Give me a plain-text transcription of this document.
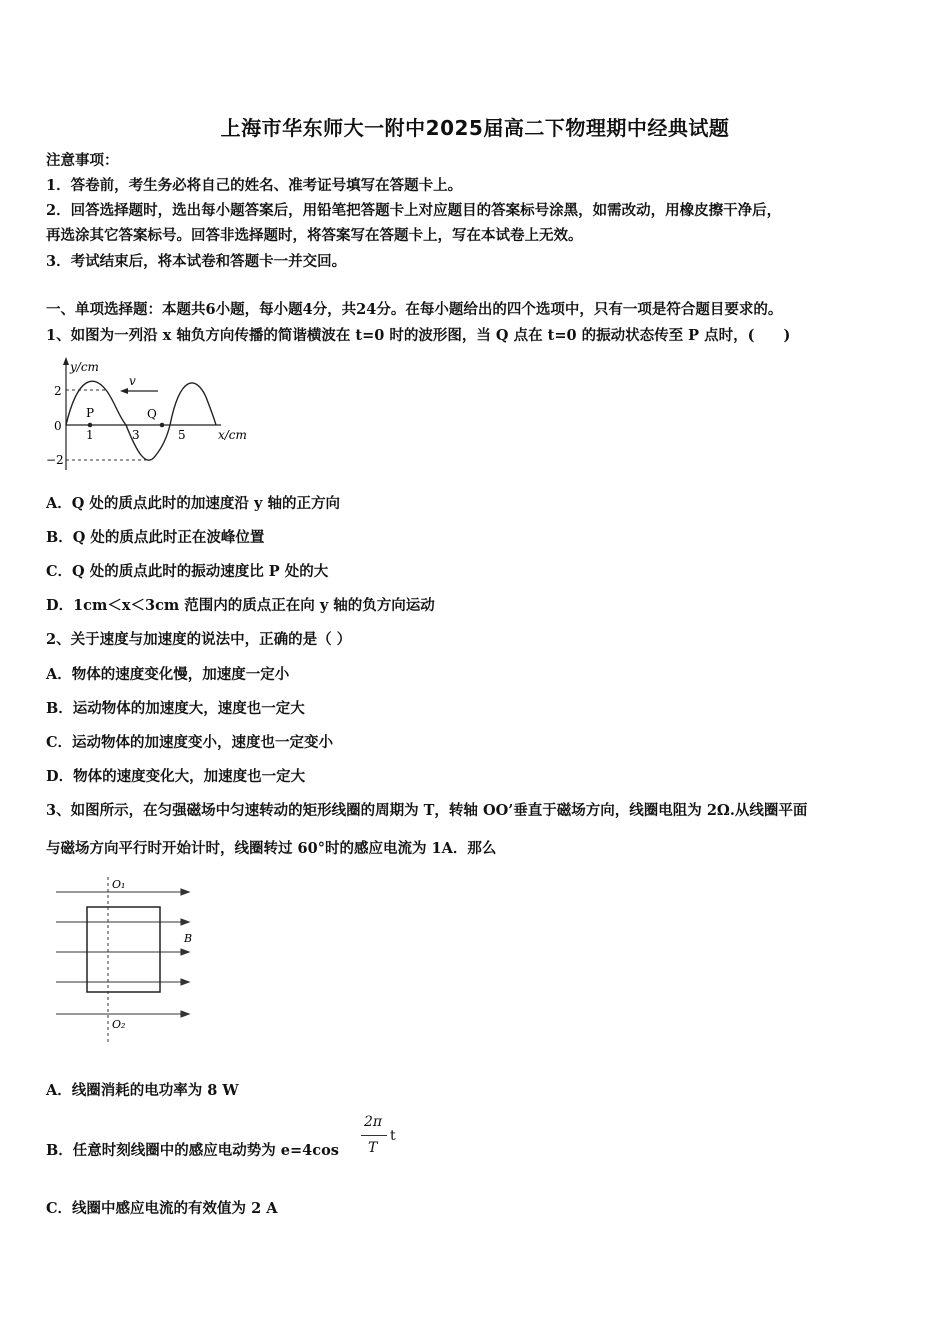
上海市华东师大一附中2025届高二下物理期中经典试题
注意事项：
1．答卷前，考生务必将自己的姓名、准考证号填写在答题卡上。
2．回答选择题时，选出每小题答案后，用铅笔把答题卡上对应题目的答案标号涂黑，如需改动，用橡皮擦干净后，
再选涂其它答案标号。回答非选择题时，将答案写在答题卡上，写在本试卷上无效。
3．考试结束后，将本试卷和答题卡一并交回。
一、单项选择题：本题共6小题，每小题4分，共24分。在每小题给出的四个选项中，只有一项是符合题目要求的。
1、如图为一列沿 x 轴负方向传播的简谐横波在 t=0 时的波形图，当 Q 点在 t=0 的振动状态传至 P 点时，(　　)
y/cm
v
2
0
−2
P	Q
1	3	5	x/cm
A．Q 处的质点此时的加速度沿 y 轴的正方向
B．Q 处的质点此时正在波峰位置
C．Q 处的质点此时的振动速度比 P 处的大
D．1cm＜x＜3cm 范围内的质点正在向 y 轴的负方向运动
2、关于速度与加速度的说法中，正确的是（ ）
A．物体的速度变化慢，加速度一定小
B．运动物体的加速度大，速度也一定大
C．运动物体的加速度变小，速度也一定变小
D．物体的速度变化大，加速度也一定大
3、如图所示，在匀强磁场中匀速转动的矩形线圈的周期为 T，转轴 OO’垂直于磁场方向，线圈电阻为 2Ω.从线圈平面
与磁场方向平行时开始计时，线圈转过 60°时的感应电流为 1A．那么
O₁
O₂
B
A．线圈消耗的电功率为 8 W
B．任意时刻线圈中的感应电动势为 e=4cos
2π
T
t
C．线圈中感应电流的有效值为 2 A
